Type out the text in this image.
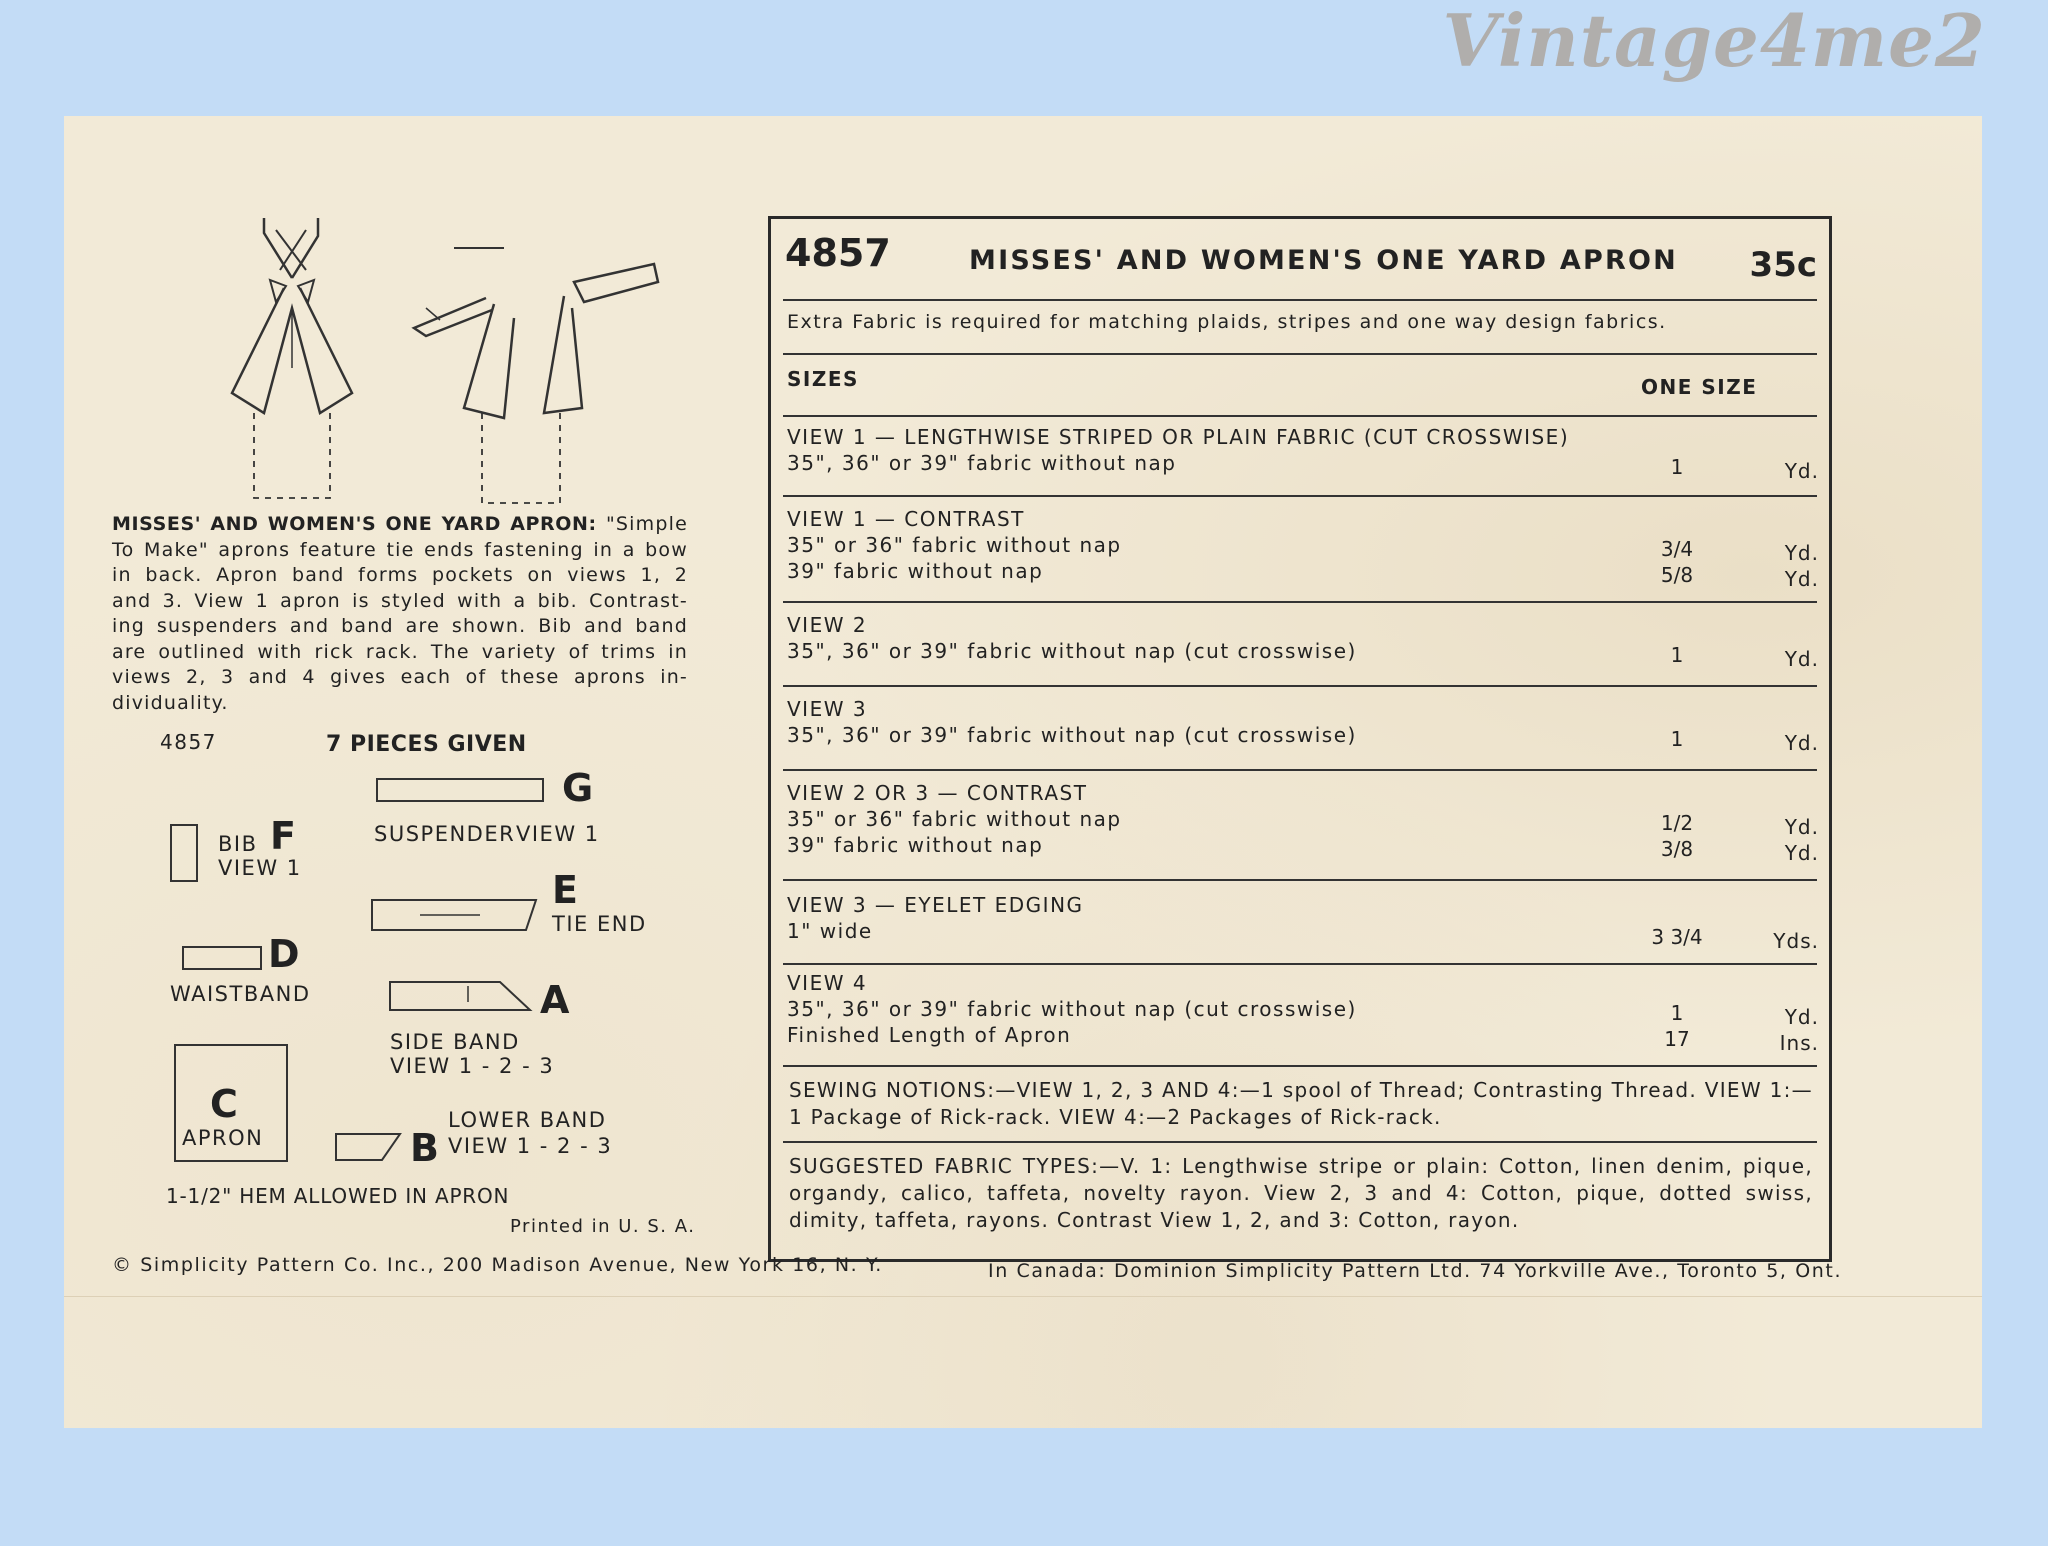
Vintage4me2
MISSES' AND WOMEN'S ONE YARD APRON: "Simple
To Make" aprons feature tie ends fastening in a bow
in back. Apron band forms pockets on views 1, 2
and 3. View 1 apron is styled with a bib. Contrast-
ing suspenders and band are shown. Bib and band
are outlined with rick rack. The variety of trims in
views 2, 3 and 4 gives each of these aprons in-
dividuality.
4857	7 PIECES GIVEN
G
SUSPENDER VIEW 1
BIB F
VIEW 1	E
TIE END
D
WAISTBAND	A
SIDE BAND
VIEW 1 - 2 - 3
C
APRON	B
LOWER BAND
VIEW 1 - 2 - 3
1-1/2" HEM ALLOWED IN APRON
Printed in U. S. A.
4857	MISSES' AND WOMEN'S ONE YARD APRON 35c
Extra Fabric is required for matching plaids, stripes and one way design fabrics.
SIZES	ONE SIZE
VIEW 1 — LENGTHWISE STRIPED OR PLAIN FABRIC (CUT CROSSWISE)
35", 36" or 39" fabric without nap	1	Yd.
VIEW 1 — CONTRAST
35" or 36" fabric without nap	3/4	Yd.
39" fabric without nap	5/8	Yd.
VIEW 2
35", 36" or 39" fabric without nap (cut crosswise)	1	Yd.
VIEW 3
35", 36" or 39" fabric without nap (cut crosswise)	1	Yd.
VIEW 2 OR 3 — CONTRAST
35" or 36" fabric without nap	1/2	Yd.
39" fabric without nap	3/8	Yd.
VIEW 3 — EYELET EDGING
1" wide	3 3/4	Yds.
VIEW 4
35", 36" or 39" fabric without nap (cut crosswise)	1	Yd.
Finished Length of Apron	17	Ins.
SEWING NOTIONS:—VIEW 1, 2, 3 AND 4:—1 spool of Thread; Contrasting Thread. VIEW 1:— 1 Package of Rick-rack. VIEW 4:—2 Packages of Rick-rack.
SUGGESTED FABRIC TYPES:—V. 1: Lengthwise stripe or plain: Cotton, linen denim, pique, organdy, calico, taffeta, novelty rayon. View 2, 3 and 4: Cotton, pique, dotted swiss, dimity, taffeta, rayons. Contrast View 1, 2, and 3: Cotton, rayon.
© Simplicity Pattern Co. Inc., 200 Madison Avenue, New York 16, N. Y.	In Canada: Dominion Simplicity Pattern Ltd. 74 Yorkville Ave., Toronto 5, Ont.
